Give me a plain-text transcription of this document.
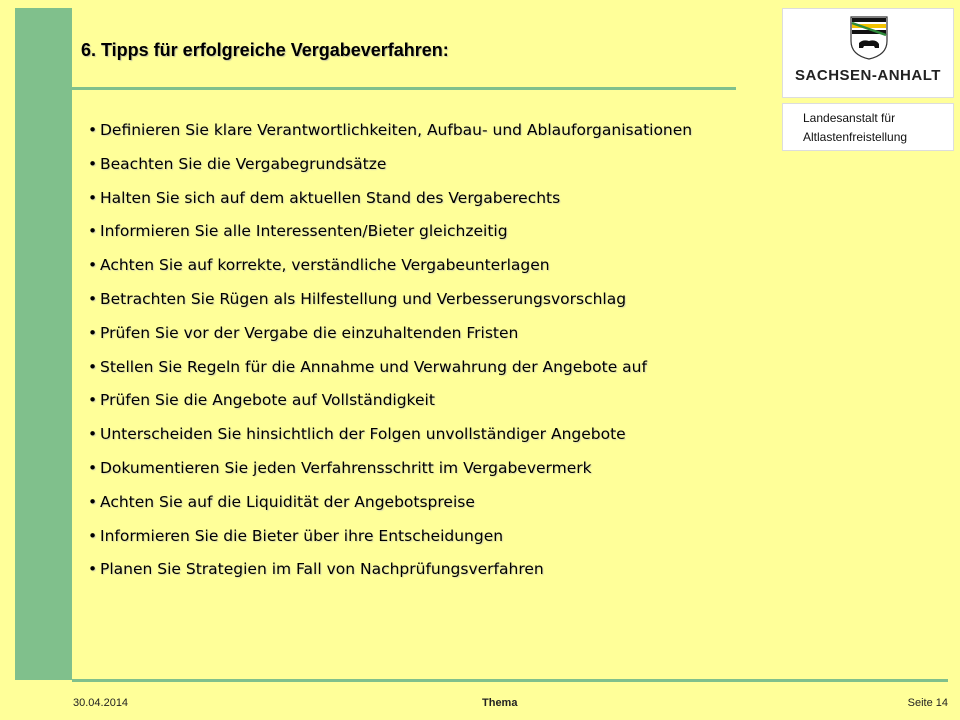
6. Tipps für erfolgreiche Vergabeverfahren:
• Definieren Sie klare Verantwortlichkeiten, Aufbau- und Ablauforganisationen
• Beachten Sie die Vergabegrundsätze
• Halten Sie sich auf dem aktuellen Stand des Vergaberechts
• Informieren Sie alle Interessenten/Bieter gleichzeitig
• Achten Sie auf korrekte, verständliche Vergabeunterlagen
• Betrachten Sie Rügen als Hilfestellung und Verbesserungsvorschlag
• Prüfen Sie vor der Vergabe die einzuhaltenden Fristen
• Stellen Sie Regeln für die Annahme und Verwahrung der Angebote auf
• Prüfen Sie die Angebote auf Vollständigkeit
• Unterscheiden Sie hinsichtlich der Folgen unvollständiger Angebote
• Dokumentieren Sie jeden Verfahrensschritt im Vergabevermerk
• Achten Sie auf die Liquidität der Angebotspreise
• Informieren Sie die Bieter über ihre Entscheidungen
• Planen Sie Strategien im Fall von Nachprüfungsverfahren
SACHSEN-ANHALT
Landesanstalt für
Altlastenfreistellung
30.04.2014	Thema	Seite 14
